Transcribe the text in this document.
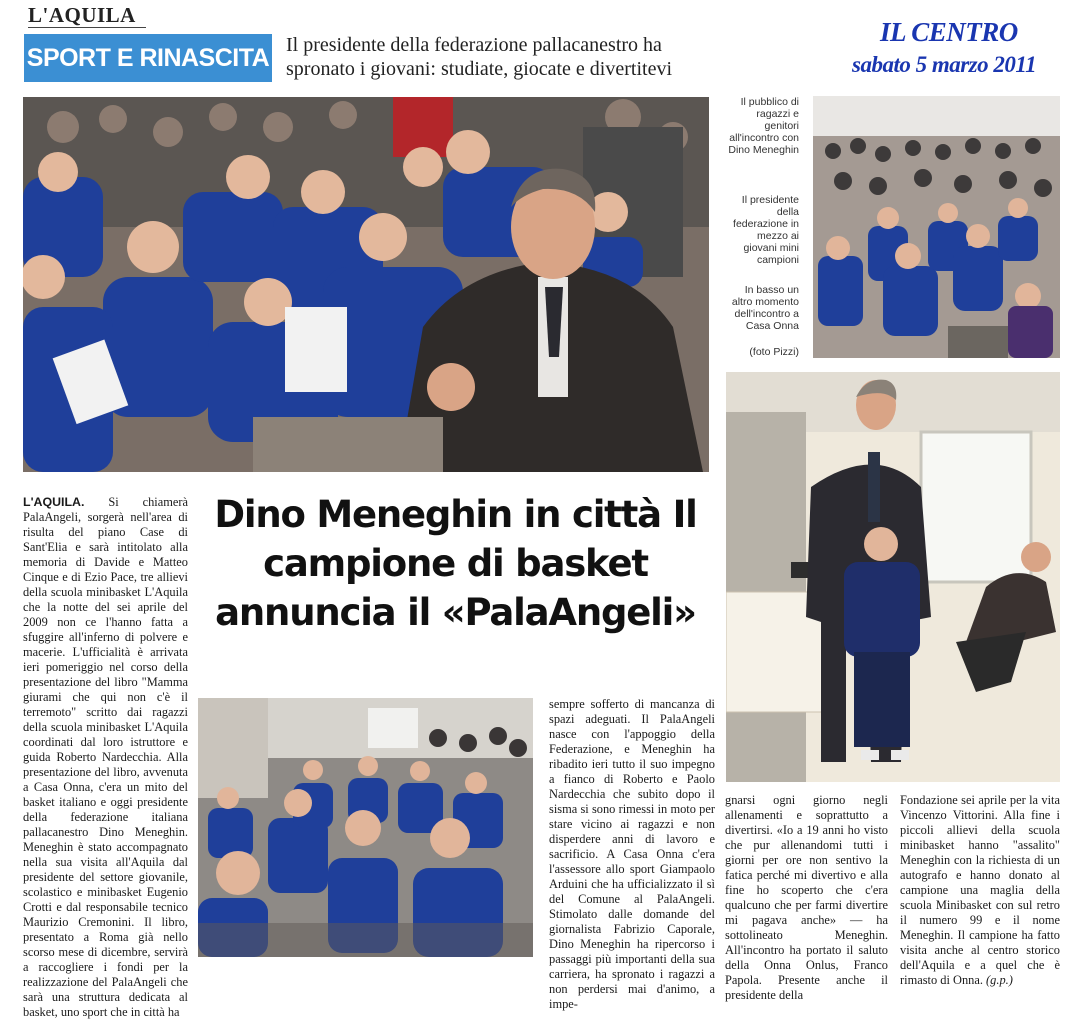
L'AQUILA
SPORT E RINASCITA Il presidente della federazione pallacanestro ha spronato i giovani: studiate, giocate e divertitevi
IL CENTRO
sabato 5 marzo 2011
Il pubblico di ragazzi e genitori all'incontro con Dino Meneghin
Il presidente della federazione in mezzo ai giovani mini campioni
In basso un altro momento dell'incontro a Casa Onna
(foto Pizzi)
Dino Meneghin in città Il campione di basket annuncia il «PalaAngeli»
L'AQUILA. Si chiamerà PalaAngeli, sorgerà nell'area di risulta del piano Case di Sant'Elia e sarà intitolato alla memoria di Davide e Matteo Cinque e di Ezio Pace, tre allievi della scuola minibasket L'Aquila che la notte del sei aprile del 2009 non ce l'hanno fatta a sfuggire all'inferno di polvere e macerie. L'ufficialità è arrivata ieri pomeriggio nel corso della presentazione del libro "Mamma giurami che qui non c'è il terremoto" scritto dai ragazzi della scuola minibasket L'Aquila coordinati dal loro istruttore e guida Roberto Nardecchia. Alla presentazione del libro, avvenuta a Casa Onna, c'era un mito del basket italiano e oggi presidente della federazione italiana pallacanestro Dino Meneghin. Meneghin è stato accompagnato nella sua visita all'Aquila dal presidente del settore giovanile, scolastico e minibasket Eugenio Crotti e dal responsabile tecnico Maurizio Cremonini. Il libro, presentato a Roma già nello scorso mese di dicembre, servirà a raccogliere i fondi per la realizzazione del PalaAngeli che sarà una struttura dedicata al basket, uno sport che in città ha
sempre sofferto di mancanza di spazi adeguati. Il PalaAngeli nasce con l'appoggio della Federazione, e Meneghin ha ribadito ieri tutto il suo impegno a fianco di Roberto e Paolo Nardecchia che subito dopo il sisma si sono rimessi in moto per stare vicino ai ragazzi e non disperdere anni di lavoro e sacrificio. A Casa Onna c'era l'assessore allo sport Giampaolo Arduini che ha ufficializzato il sì del Comune al PalaAngeli. Stimolato dalle domande del giornalista Fabrizio Caporale, Dino Meneghin ha ripercorso i passaggi più importanti della sua carriera, ha spronato i ragazzi a non perdersi mai d'animo, a impe-
gnarsi ogni giorno negli allenamenti e soprattutto a divertirsi. «Io a 19 anni ho visto che pur allenandomi tutti i giorni per ore non sentivo la fatica perché mi divertivo e alla fine ho scoperto che c'era qualcuno che per farmi divertire mi pagava anche» — ha sottolineato Meneghin. All'incontro ha portato il saluto della Onna Onlus, Franco Papola. Presente anche il presidente della
Fondazione sei aprile per la vita Vincenzo Vittorini. Alla fine i piccoli allievi della scuola minibasket hanno "assalito" Meneghin con la richiesta di un autografo e hanno donato al campione una maglia della scuola Minibasket con sul retro il numero 99 e il nome Meneghin. Il campione ha fatto visita anche al centro storico dell'Aquila e a quel che è rimasto di Onna. (g.p.)
